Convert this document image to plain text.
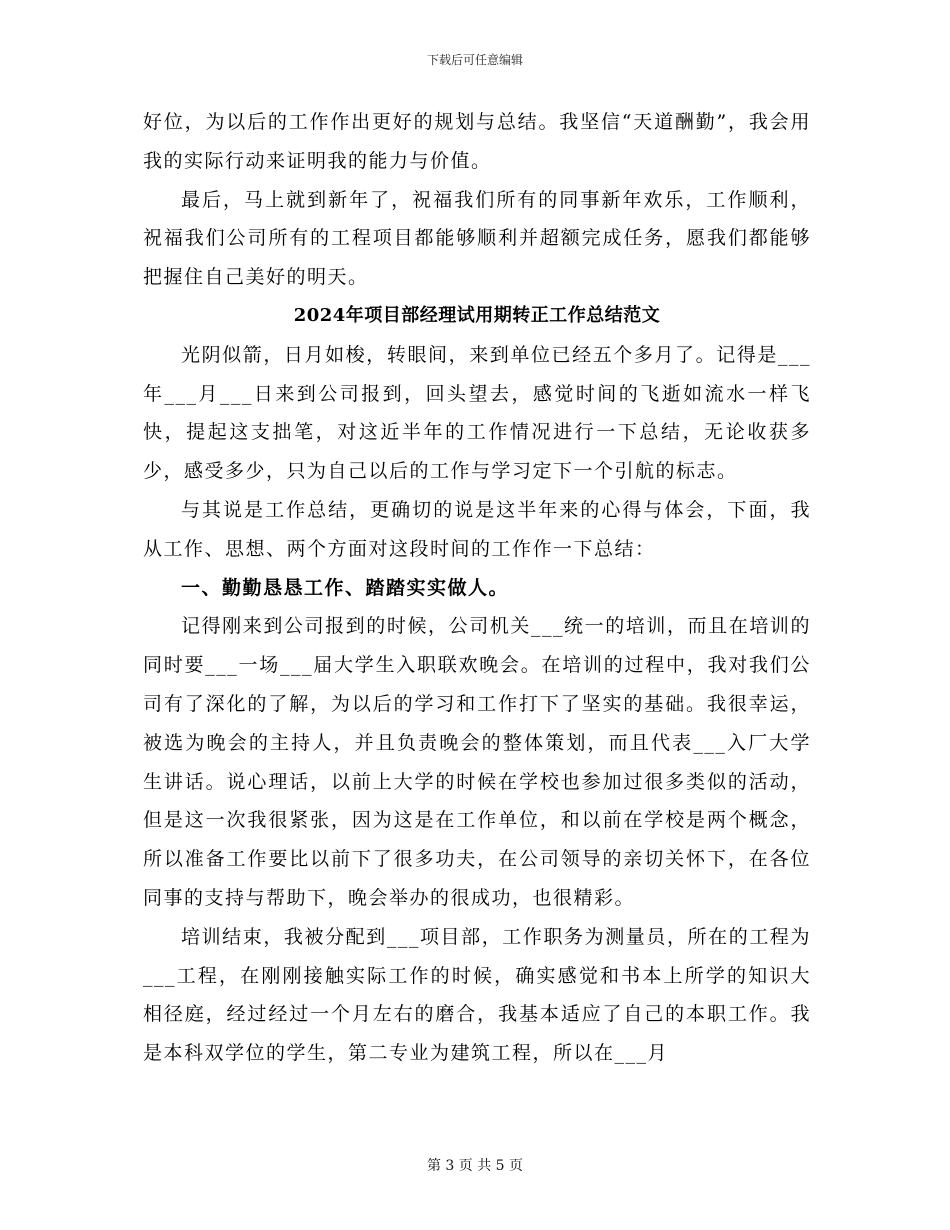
下载后可任意编辑

好位，为以后的工作作出更好的规划与总结。我坚信“天道酬勤”，我会用我的实际行动来证明我的能力与价值。

最后，马上就到新年了，祝福我们所有的同事新年欢乐，工作顺利，祝福我们公司所有的工程项目都能够顺利并超额完成任务，愿我们都能够把握住自己美好的明天。

2024年项目部经理试用期转正工作总结范文

光阴似箭，日月如梭，转眼间，来到单位已经五个多月了。记得是___年___月___日来到公司报到，回头望去，感觉时间的飞逝如流水一样飞快，提起这支拙笔，对这近半年的工作情况进行一下总结，无论收获多少，感受多少，只为自己以后的工作与学习定下一个引航的标志。

与其说是工作总结，更确切的说是这半年来的心得与体会，下面，我从工作、思想、两个方面对这段时间的工作作一下总结：

一、勤勤恳恳工作、踏踏实实做人。

记得刚来到公司报到的时候，公司机关___统一的培训，而且在培训的同时要___一场___届大学生入职联欢晚会。在培训的过程中，我对我们公司有了深化的了解，为以后的学习和工作打下了坚实的基础。我很幸运，被选为晚会的主持人，并且负责晚会的整体策划，而且代表___入厂大学生讲话。说心理话，以前上大学的时候在学校也参加过很多类似的活动，但是这一次我很紧张，因为这是在工作单位，和以前在学校是两个概念，所以准备工作要比以前下了很多功夫，在公司领导的亲切关怀下，在各位同事的支持与帮助下，晚会举办的很成功，也很精彩。

培训结束，我被分配到___项目部，工作职务为测量员，所在的工程为___工程，在刚刚接触实际工作的时候，确实感觉和书本上所学的知识大相径庭，经过经过一个月左右的磨合，我基本适应了自己的本职工作。我是本科双学位的学生，第二专业为建筑工程，所以在___月

第 3 页 共 5 页
